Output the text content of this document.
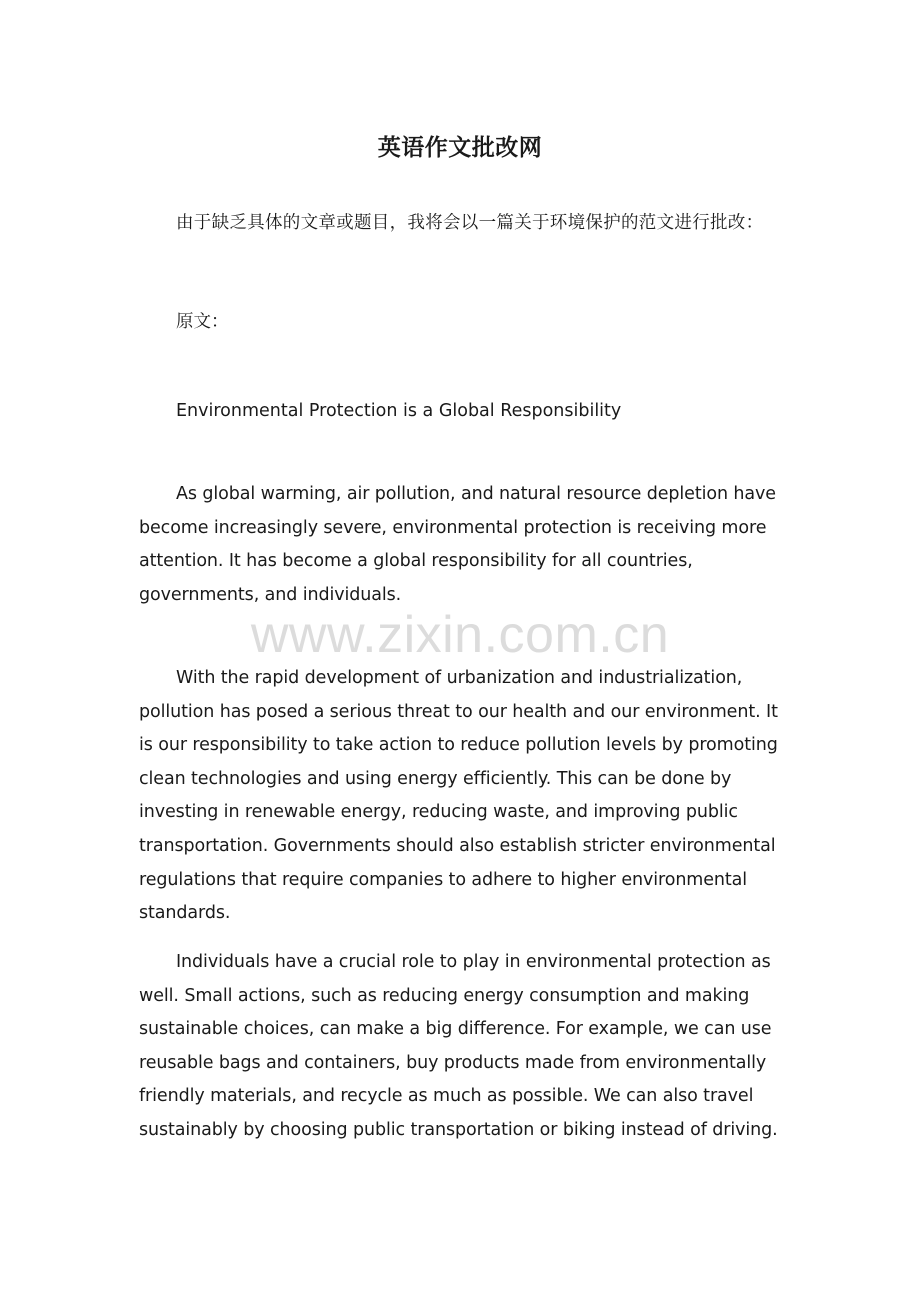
英语作文批改网
由于缺乏具体的文章或题目，我将会以一篇关于环境保护的范文进行批改：
原文：
Environmental Protection is a Global Responsibility

As global warming, air pollution, and natural resource depletion have become increasingly severe, environmental protection is receiving more attention. It has become a global responsibility for all countries, governments, and individuals.

www.zixin.com.cn

With the rapid development of urbanization and industrialization, pollution has posed a serious threat to our health and our environment. It is our responsibility to take action to reduce pollution levels by promoting clean technologies and using energy efficiently. This can be done by investing in renewable energy, reducing waste, and improving public transportation. Governments should also establish stricter environmental regulations that require companies to adhere to higher environmental standards.

Individuals have a crucial role to play in environmental protection as well. Small actions, such as reducing energy consumption and making sustainable choices, can make a big difference. For example, we can use reusable bags and containers, buy products made from environmentally friendly materials, and recycle as much as possible. We can also travel sustainably by choosing public transportation or biking instead of driving.
